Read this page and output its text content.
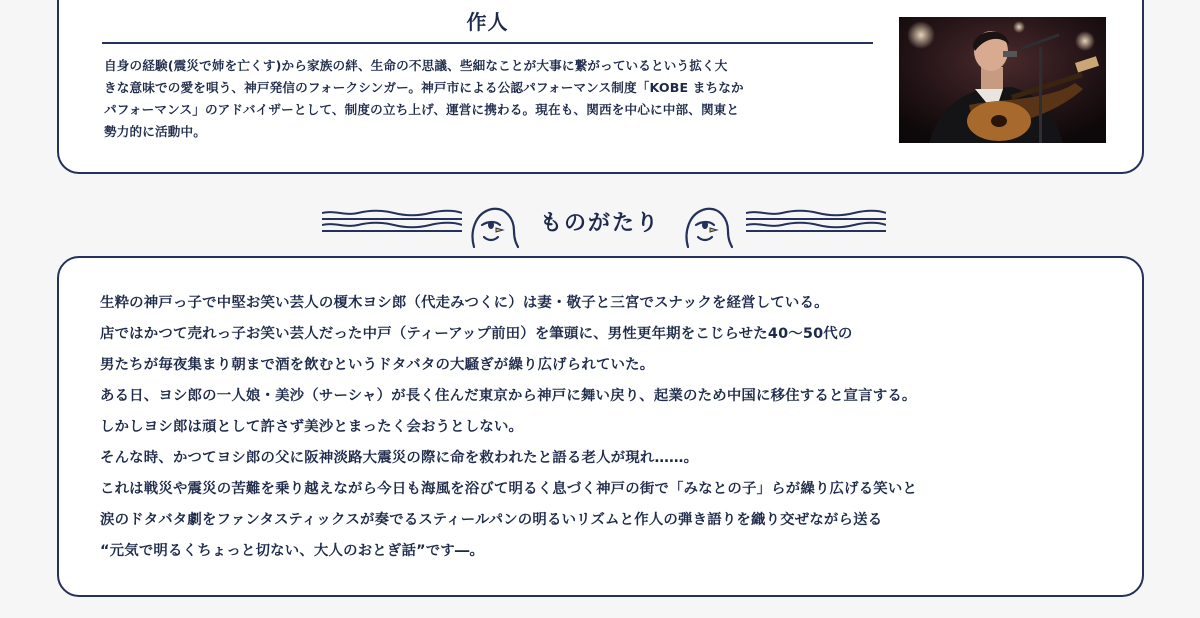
作人
自身の経験(震災で姉を亡くす)から家族の絆、生命の不思議、些細なことが大事に繋がっているという拡く大
きな意味での愛を唄う、神戸発信のフォークシンガー。神戸市による公認パフォーマンス制度「KOBE まちなか
パフォーマンス」のアドバイザーとして、制度の立ち上げ、運営に携わる。現在も、関西を中心に中部、関東と
勢力的に活動中。
ものがたり
生粋の神戸っ子で中堅お笑い芸人の榎木ヨシ郎（代走みつくに）は妻・敬子と三宮でスナックを経営している。
店ではかつて売れっ子お笑い芸人だった中戸（ティーアップ前田）を筆頭に、男性更年期をこじらせた40～50代の
男たちが毎夜集まり朝まで酒を飲むというドタバタの大騒ぎが繰り広げられていた。
ある日、ヨシ郎の一人娘・美沙（サーシャ）が長く住んだ東京から神戸に舞い戻り、起業のため中国に移住すると宣言する。
しかしヨシ郎は頑として許さず美沙とまったく会おうとしない。
そんな時、かつてヨシ郎の父に阪神淡路大震災の際に命を救われたと語る老人が現れ……。
これは戦災や震災の苦難を乗り越えながら今日も海風を浴びて明るく息づく神戸の街で「みなとの子」らが繰り広げる笑いと
涙のドタバタ劇をファンタスティックスが奏でるスティールパンの明るいリズムと作人の弾き語りを織り交ぜながら送る
“元気で明るくちょっと切ない、大人のおとぎ話”です―。
